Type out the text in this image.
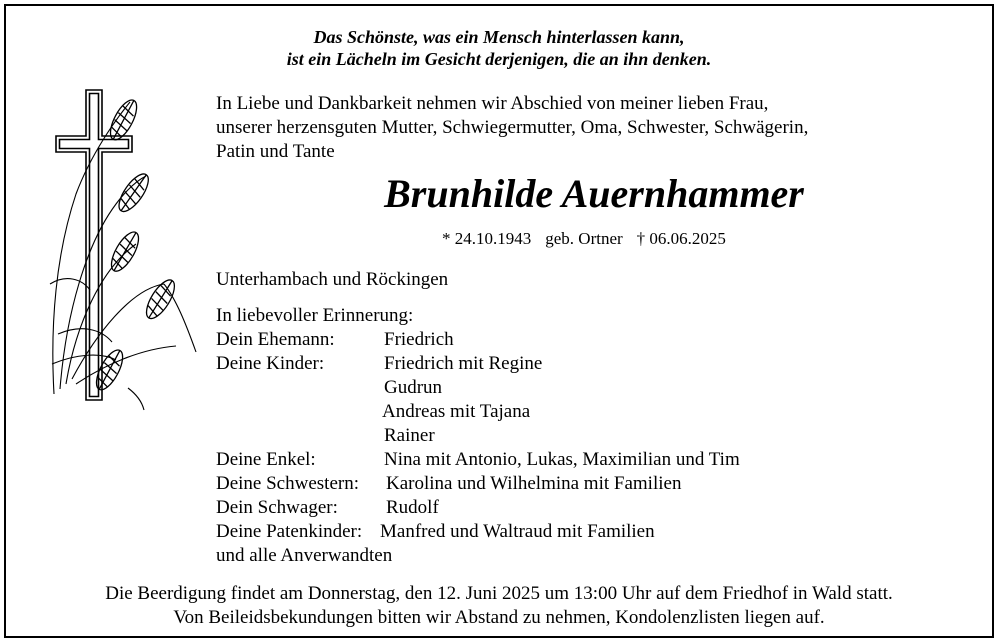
Das Schönste, was ein Mensch hinterlassen kann,
ist ein Lächeln im Gesicht derjenigen, die an ihn denken.
In Liebe und Dankbarkeit nehmen wir Abschied von meiner lieben Frau,
unserer herzensguten Mutter, Schwiegermutter, Oma, Schwester, Schwägerin,
Patin und Tante
Brunhilde Auernhammer
* 24.10.1943 geb. Ortner † 06.06.2025
Unterhambach und Röckingen
In liebevoller Erinnerung:
Dein Ehemann:	Friedrich
Deine Kinder:	Friedrich mit Regine
Gudrun
Andreas mit Tajana
Rainer
Deine Enkel:	Nina mit Antonio, Lukas, Maximilian und Tim
Deine Schwestern: Karolina und Wilhelmina mit Familien
Dein Schwager:	Rudolf
Deine Patenkinder: Manfred und Waltraud mit Familien
und alle Anverwandten
Die Beerdigung findet am Donnerstag, den 12. Juni 2025 um 13:00 Uhr auf dem Friedhof in Wald statt.
Von Beileidsbekundungen bitten wir Abstand zu nehmen, Kondolenzlisten liegen auf.
